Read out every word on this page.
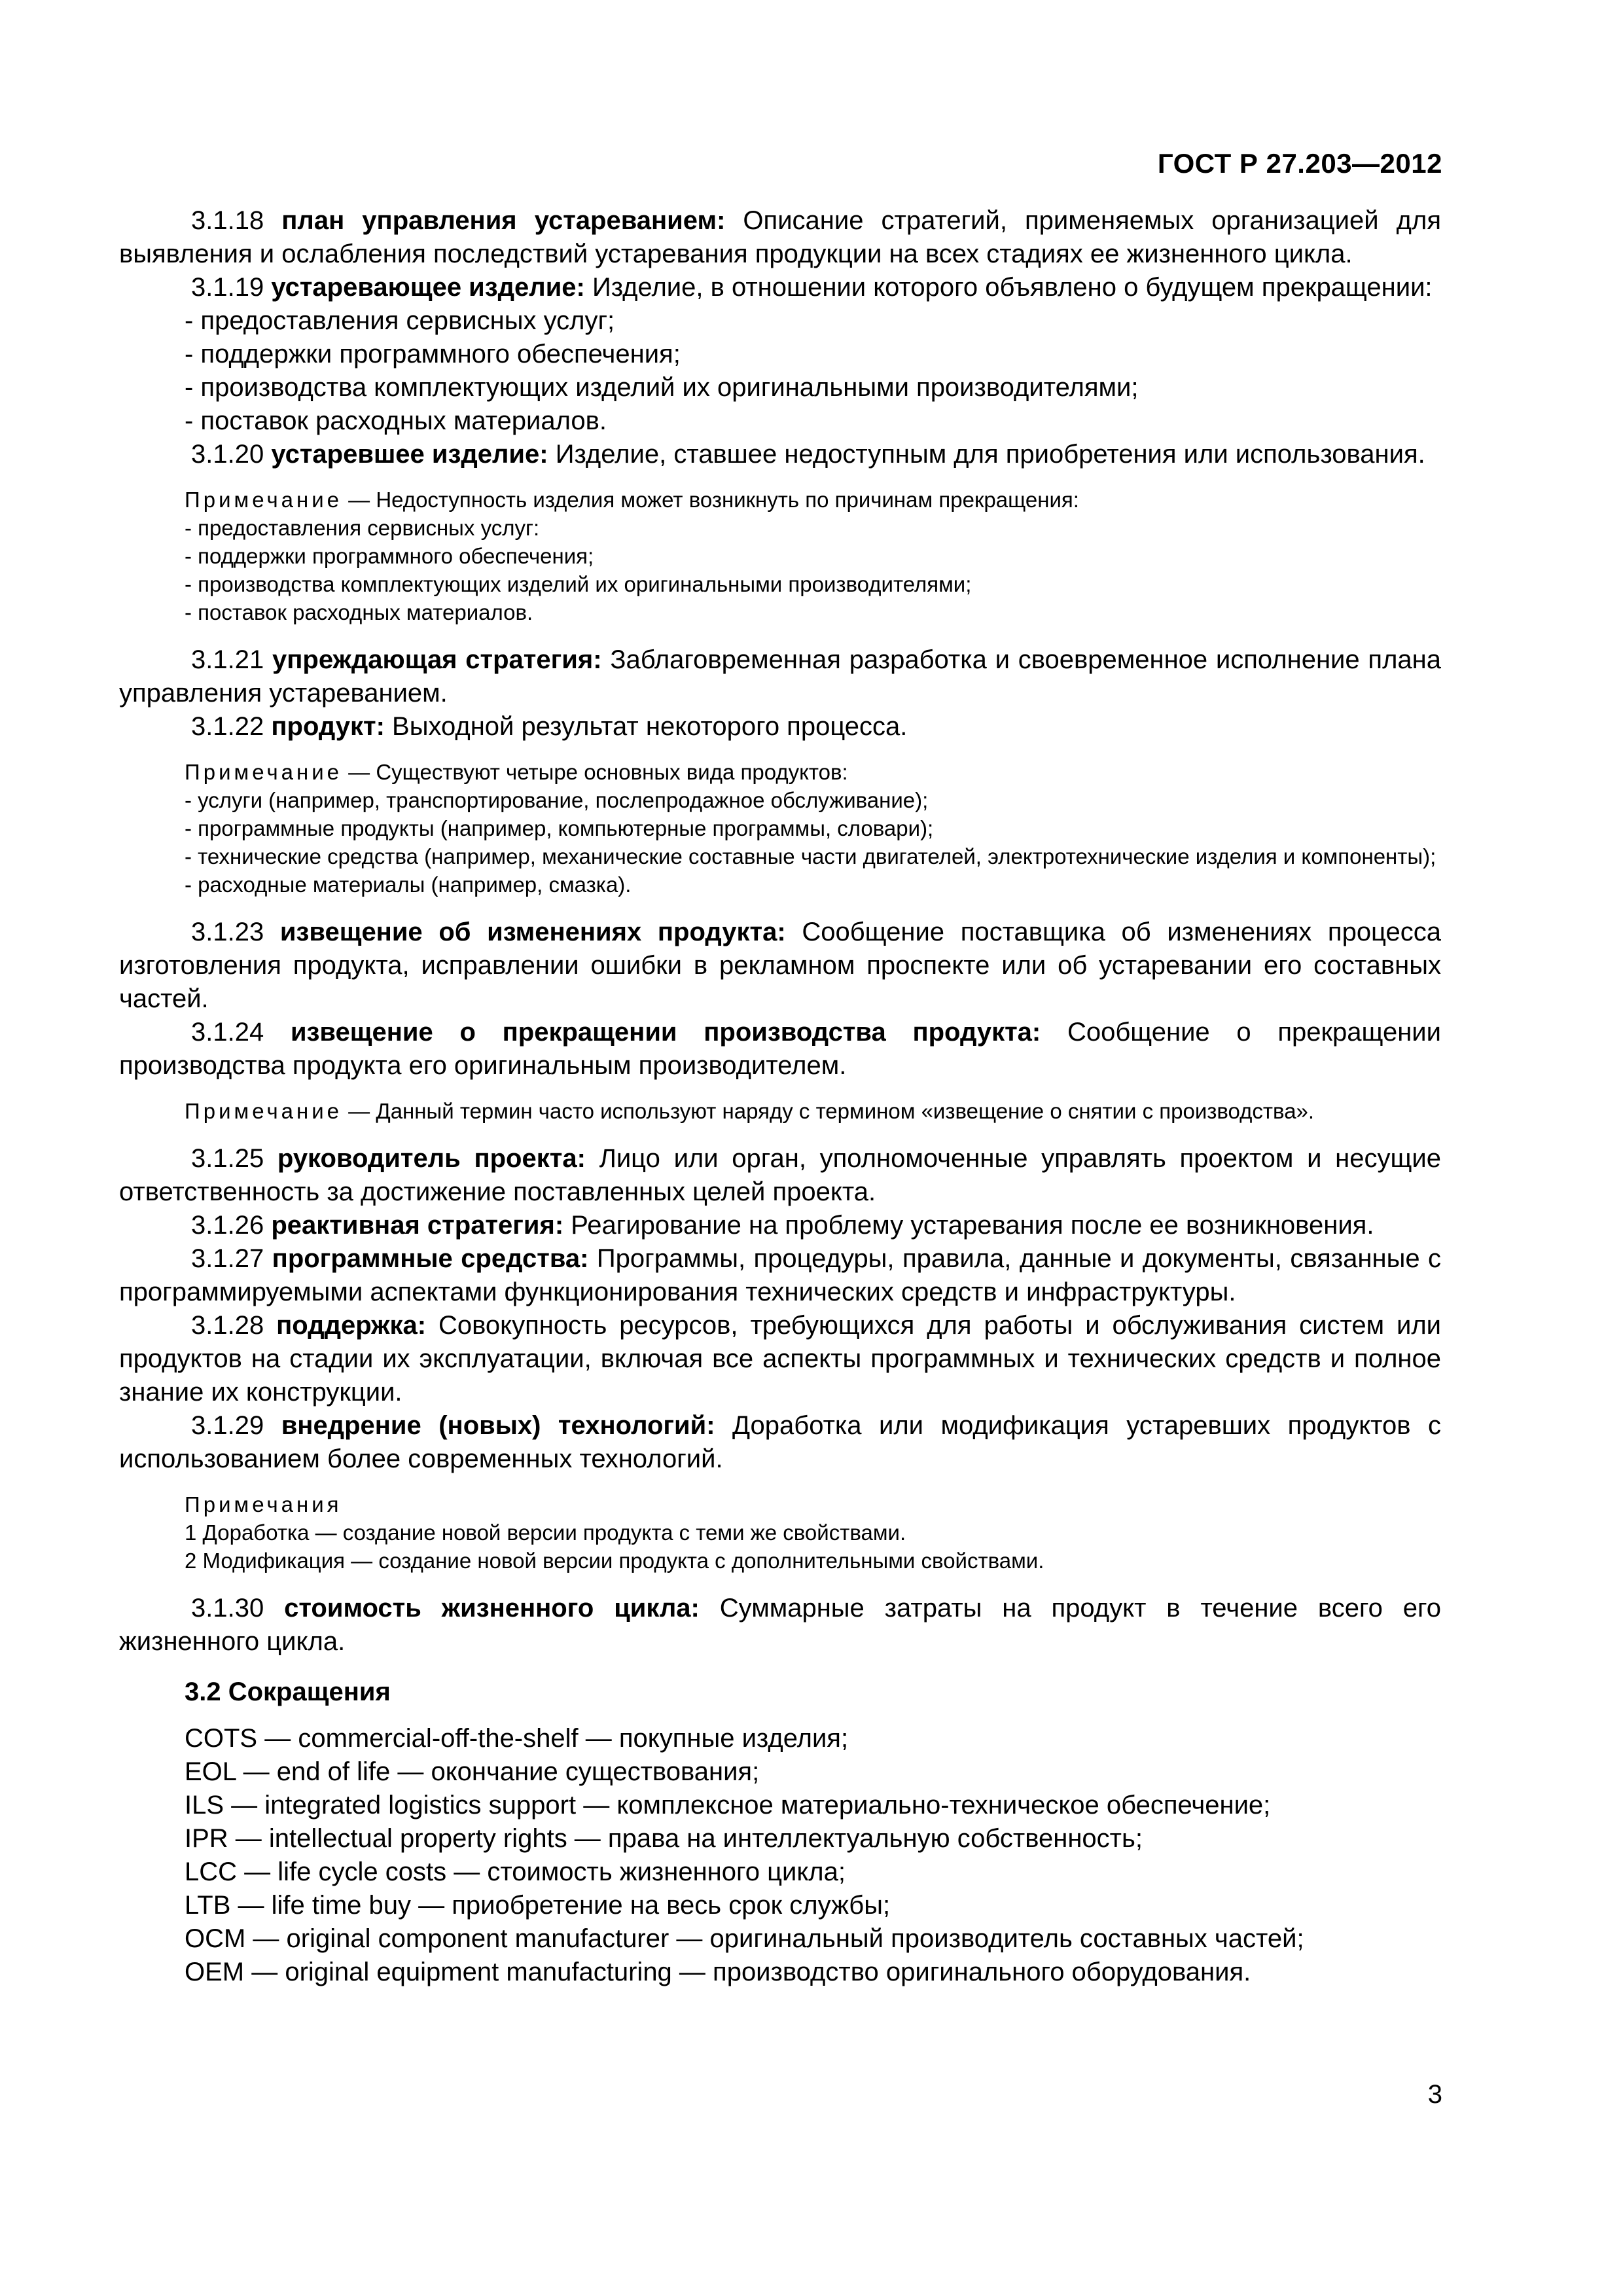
ГОСТ Р 27.203—2012

3.1.18 план управления устареванием: Описание стратегий, применяемых организацией для выявления и ослабления последствий устаревания продукции на всех стадиях ее жизненного цикла.

3.1.19 устаревающее изделие: Изделие, в отношении которого объявлено о будущем прекращении:

- предоставления сервисных услуг;

- поддержки программного обеспечения;

- производства комплектующих изделий их оригинальными производителями;

- поставок расходных материалов.

3.1.20 устаревшее изделие: Изделие, ставшее недоступным для приобретения или использования.

Примечание — Недоступность изделия может возникнуть по причинам прекращения:

- предоставления сервисных услуг:

- поддержки программного обеспечения;

- производства комплектующих изделий их оригинальными производителями;

- поставок расходных материалов.

3.1.21 упреждающая стратегия: Заблаговременная разработка и своевременное исполнение плана управления устареванием.

3.1.22 продукт: Выходной результат некоторого процесса.

Примечание — Существуют четыре основных вида продуктов:

- услуги (например, транспортирование, послепродажное обслуживание);

- программные продукты (например, компьютерные программы, словари);

- технические средства (например, механические составные части двигателей, электротехнические изделия и компоненты);

- расходные материалы (например, смазка).

3.1.23 извещение об изменениях продукта: Сообщение поставщика об изменениях процесса изготовления продукта, исправлении ошибки в рекламном проспекте или об устаревании его составных частей.

3.1.24 извещение о прекращении производства продукта: Сообщение о прекращении производства продукта его оригинальным производителем.

Примечание — Данный термин часто используют наряду с термином «извещение о снятии с производства».

3.1.25 руководитель проекта: Лицо или орган, уполномоченные управлять проектом и несущие ответственность за достижение поставленных целей проекта.

3.1.26 реактивная стратегия: Реагирование на проблему устаревания после ее возникновения.

3.1.27 программные средства: Программы, процедуры, правила, данные и документы, связанные с программируемыми аспектами функционирования технических средств и инфраструктуры.

3.1.28 поддержка: Совокупность ресурсов, требующихся для работы и обслуживания систем или продуктов на стадии их эксплуатации, включая все аспекты программных и технических средств и полное знание их конструкции.

3.1.29 внедрение (новых) технологий: Доработка или модификация устаревших продуктов с использованием более современных технологий.

Примечания

1 Доработка — создание новой версии продукта с теми же свойствами.

2 Модификация — создание новой версии продукта с дополнительными свойствами.

3.1.30 стоимость жизненного цикла: Суммарные затраты на продукт в течение всего его жизненного цикла.

3.2 Сокращения

COTS — commercial-off-the-shelf — покупные изделия;

EOL — end of life — окончание существования;

ILS — integrated logistics support — комплексное материально-техническое обеспечение;

IPR — intellectual property rights — права на интеллектуальную собственность;

LCC — life cycle costs — стоимость жизненного цикла;

LTB — life time buy — приобретение на весь срок службы;

OCM — original component manufacturer — оригинальный производитель составных частей;

OEM — original equipment manufacturing — производство оригинального оборудования.

3
